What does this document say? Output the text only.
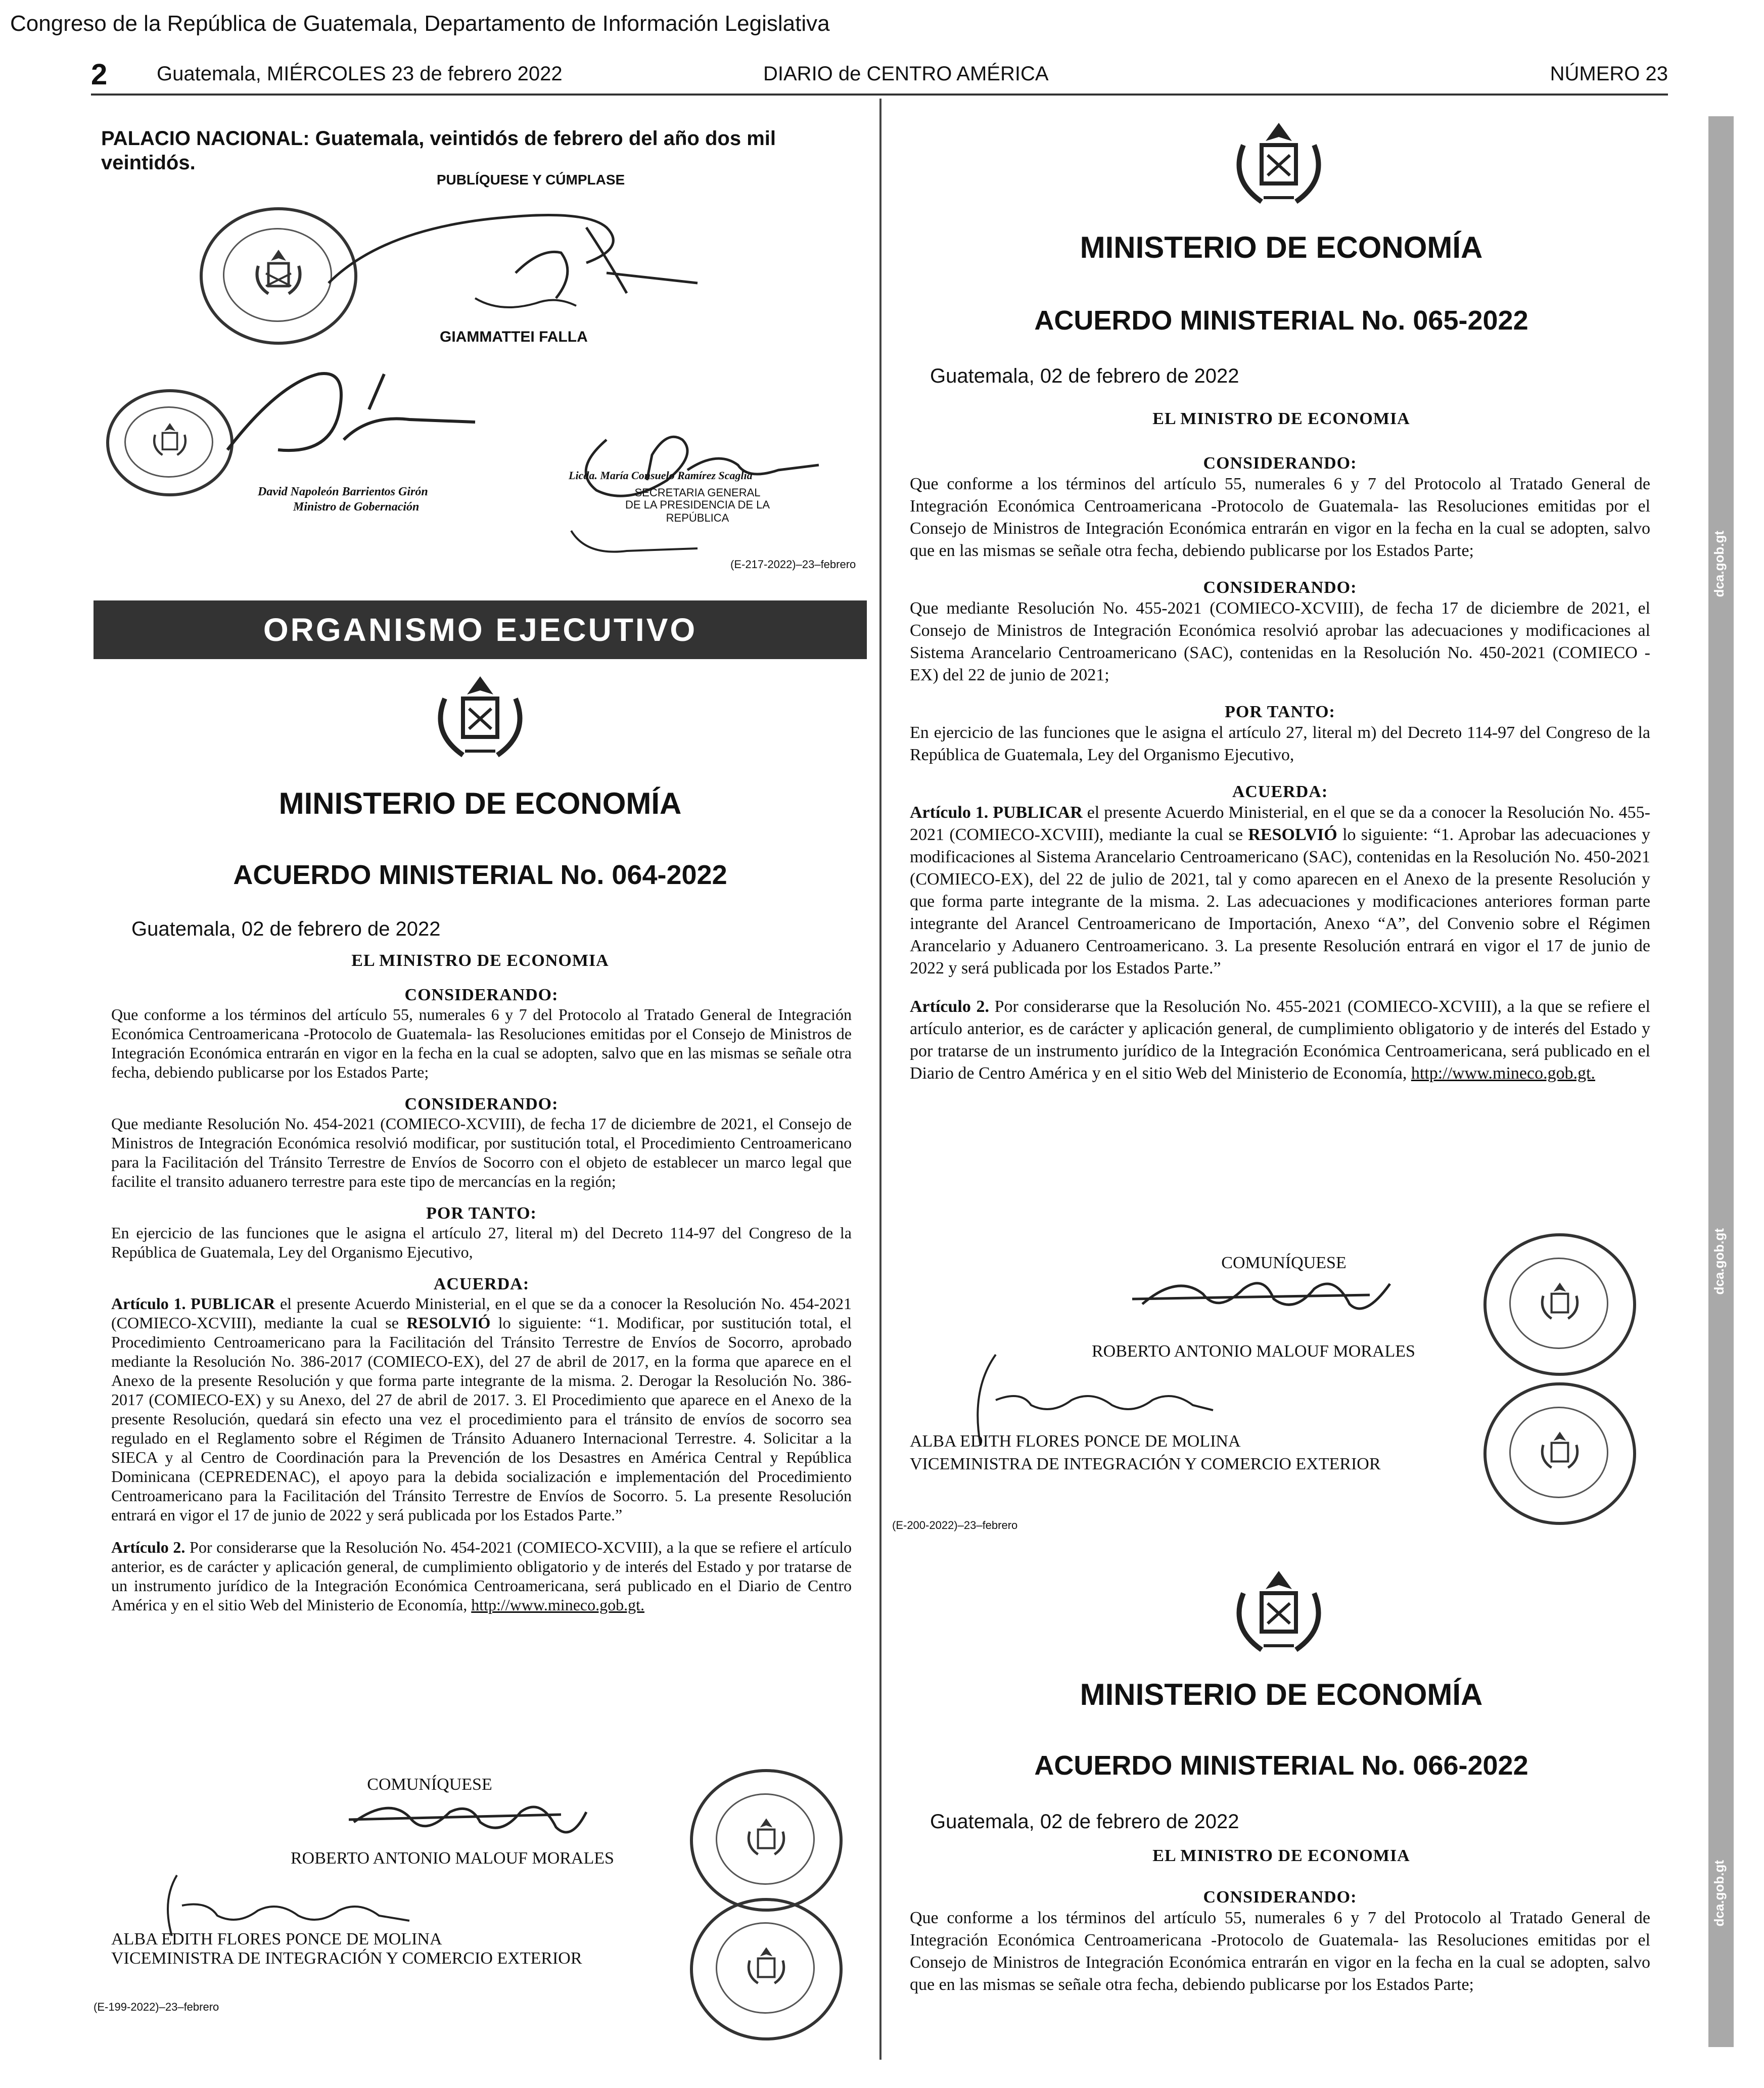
Congreso de la República de Guatemala, Departamento de Información Legislativa
2 Guatemala, MIÉRCOLES 23 de febrero 2022	DIARIO de CENTRO AMÉRICA	NÚMERO 23
dca.gob.gt
dca.gob.gt
dca.gob.gt
PALACIO NACIONAL: Guatemala, veintidós de febrero del año dos mil veintidós.
PUBLÍQUESE Y CÚMPLASE
GIAMMATTEI FALLA
David Napoleón Barrientos Girón
Ministro de Gobernación
Licda. María Consuelo Ramírez Scaglia
SECRETARIA GENERAL
DE LA PRESIDENCIA DE LA REPÚBLICA
(E-217-2022)–23–febrero
ORGANISMO EJECUTIVO
MINISTERIO DE ECONOMÍA
ACUERDO MINISTERIAL No. 064-2022
Guatemala, 02 de febrero de 2022
EL MINISTRO DE ECONOMIA
CONSIDERANDO:

Que conforme a los términos del artículo 55, numerales 6 y 7 del Protocolo al Tratado General de Integración Económica Centroamericana -Protocolo de Guatemala- las Resoluciones emitidas por el Consejo de Ministros de Integración Económica entrarán en vigor en la fecha en la cual se adopten, salvo que en las mismas se señale otra fecha, debiendo publicarse por los Estados Parte;

CONSIDERANDO:

Que mediante Resolución No. 454-2021 (COMIECO-XCVIII), de fecha 17 de diciembre de 2021, el Consejo de Ministros de Integración Económica resolvió modificar, por sustitución total, el Procedimiento Centroamericano para la Facilitación del Tránsito Terrestre de Envíos de Socorro con el objeto de establecer un marco legal que facilite el transito aduanero terrestre para este tipo de mercancías en la región;

POR TANTO:

En ejercicio de las funciones que le asigna el artículo 27, literal m) del Decreto 114-97 del Congreso de la República de Guatemala, Ley del Organismo Ejecutivo,

ACUERDA:

Artículo 1. PUBLICAR el presente Acuerdo Ministerial, en el que se da a conocer la Resolución No. 454-2021 (COMIECO-XCVIII), mediante la cual se RESOLVIÓ lo siguiente: “1. Modificar, por sustitución total, el Procedimiento Centroamericano para la Facilitación del Tránsito Terrestre de Envíos de Socorro, aprobado mediante la Resolución No. 386-2017 (COMIECO-EX), del 27 de abril de 2017, en la forma que aparece en el Anexo de la presente Resolución y que forma parte integrante de la misma. 2. Derogar la Resolución No. 386-2017 (COMIECO-EX) y su Anexo, del 27 de abril de 2017. 3. El Procedimiento que aparece en el Anexo de la presente Resolución, quedará sin efecto una vez el procedimiento para el tránsito de envíos de socorro sea regulado en el Reglamento sobre el Régimen de Tránsito Aduanero Internacional Terrestre. 4. Solicitar a la SIECA y al Centro de Coordinación para la Prevención de los Desastres en América Central y República Dominicana (CEPREDENAC), el apoyo para la debida socialización e implementación del Procedimiento Centroamericano para la Facilitación del Tránsito Terrestre de Envíos de Socorro. 5. La presente Resolución entrará en vigor el 17 de junio de 2022 y será publicada por los Estados Parte.”

Artículo 2. Por considerarse que la Resolución No. 454-2021 (COMIECO-XCVIII), a la que se refiere el artículo anterior, es de carácter y aplicación general, de cumplimiento obligatorio y de interés del Estado y por tratarse de un instrumento jurídico de la Integración Económica Centroamericana, será publicado en el Diario de Centro América y en el sitio Web del Ministerio de Economía, http://www.mineco.gob.gt.

COMUNÍQUESE
ROBERTO ANTONIO MALOUF MORALES
ALBA EDITH FLORES PONCE DE MOLINA
VICEMINISTRA DE INTEGRACIÓN Y COMERCIO EXTERIOR
(E-199-2022)–23–febrero
MINISTERIO DE ECONOMÍA
ACUERDO MINISTERIAL No. 065-2022
Guatemala, 02 de febrero de 2022
EL MINISTRO DE ECONOMIA
CONSIDERANDO:

Que conforme a los términos del artículo 55, numerales 6 y 7 del Protocolo al Tratado General de Integración Económica Centroamericana -Protocolo de Guatemala- las Resoluciones emitidas por el Consejo de Ministros de Integración Económica entrarán en vigor en la fecha en la cual se adopten, salvo que en las mismas se señale otra fecha, debiendo publicarse por los Estados Parte;

CONSIDERANDO:

Que mediante Resolución No. 455-2021 (COMIECO-XCVIII), de fecha 17 de diciembre de 2021, el Consejo de Ministros de Integración Económica resolvió aprobar las adecuaciones y modificaciones al Sistema Arancelario Centroamericano (SAC), contenidas en la Resolución No. 450-2021 (COMIECO - EX) del 22 de junio de 2021;

POR TANTO:

En ejercicio de las funciones que le asigna el artículo 27, literal m) del Decreto 114-97 del Congreso de la República de Guatemala, Ley del Organismo Ejecutivo,

ACUERDA:

Artículo 1. PUBLICAR el presente Acuerdo Ministerial, en el que se da a conocer la Resolución No. 455-2021 (COMIECO-XCVIII), mediante la cual se RESOLVIÓ lo siguiente: “1. Aprobar las adecuaciones y modificaciones al Sistema Arancelario Centroamericano (SAC), contenidas en la Resolución No. 450-2021 (COMIECO-EX), del 22 de julio de 2021, tal y como aparecen en el Anexo de la presente Resolución y que forma parte integrante de la misma. 2. Las adecuaciones y modificaciones anteriores forman parte integrante del Arancel Centroamericano de Importación, Anexo “A”, del Convenio sobre el Régimen Arancelario y Aduanero Centroamericano. 3. La presente Resolución entrará en vigor el 17 de junio de 2022 y será publicada por los Estados Parte.”

Artículo 2. Por considerarse que la Resolución No. 455-2021 (COMIECO-XCVIII), a la que se refiere el artículo anterior, es de carácter y aplicación general, de cumplimiento obligatorio y de interés del Estado y por tratarse de un instrumento jurídico de la Integración Económica Centroamericana, será publicado en el Diario de Centro América y en el sitio Web del Ministerio de Economía, http://www.mineco.gob.gt.

COMUNÍQUESE
ROBERTO ANTONIO MALOUF MORALES
ALBA EDITH FLORES PONCE DE MOLINA
VICEMINISTRA DE INTEGRACIÓN Y COMERCIO EXTERIOR
(E-200-2022)–23–febrero
MINISTERIO DE ECONOMÍA
ACUERDO MINISTERIAL No. 066-2022
Guatemala, 02 de febrero de 2022
EL MINISTRO DE ECONOMIA
CONSIDERANDO:

Que conforme a los términos del artículo 55, numerales 6 y 7 del Protocolo al Tratado General de Integración Económica Centroamericana -Protocolo de Guatemala- las Resoluciones emitidas por el Consejo de Ministros de Integración Económica entrarán en vigor en la fecha en la cual se adopten, salvo que en las mismas se señale otra fecha, debiendo publicarse por los Estados Parte;
